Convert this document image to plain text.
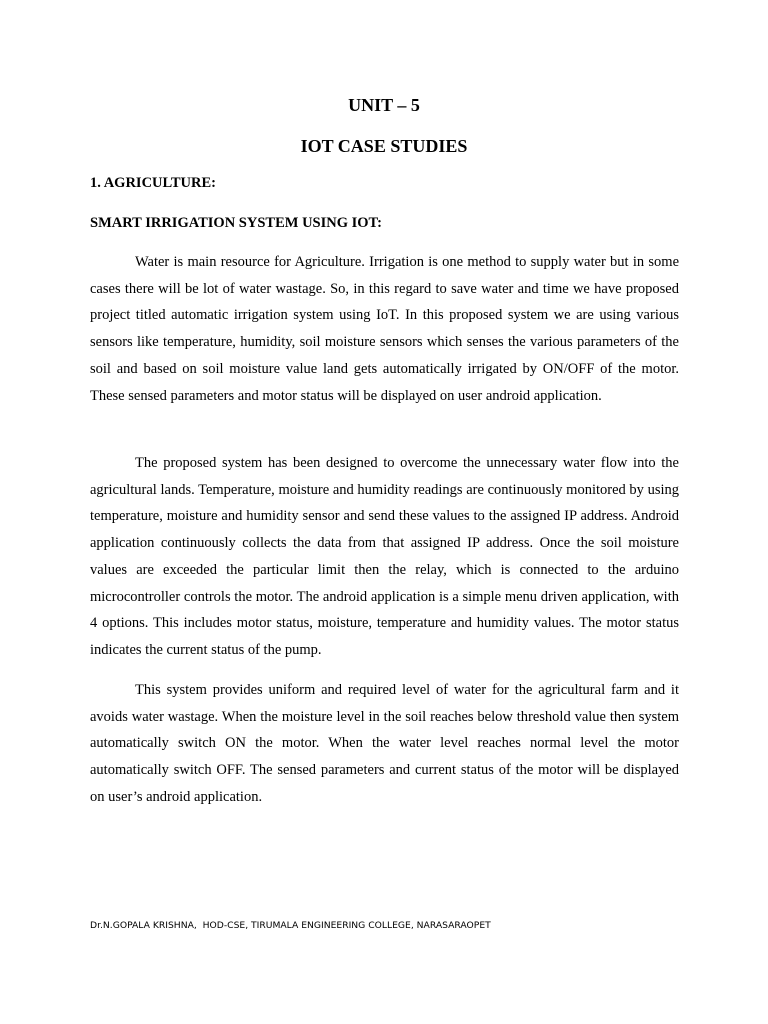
UNIT – 5
IOT CASE STUDIES
1. AGRICULTURE:
SMART IRRIGATION SYSTEM USING IOT:

Water is main resource for Agriculture. Irrigation is one method to supply water but in some cases there will be lot of water wastage. So, in this regard to save water and time we have proposed project titled automatic irrigation system using IoT. In this proposed system we are using various sensors like temperature, humidity, soil moisture sensors which senses the various parameters of the soil and based on soil moisture value land gets automatically irrigated by ON/OFF of the motor. These sensed parameters and motor status will be displayed on user android application.

The proposed system has been designed to overcome the unnecessary water flow into the agricultural lands. Temperature, moisture and humidity readings are continuously monitored by using temperature, moisture and humidity sensor and send these values to the assigned IP address. Android application continuously collects the data from that assigned IP address. Once the soil moisture values are exceeded the particular limit then the relay, which is connected to the arduino microcontroller controls the motor. The android application is a simple menu driven application, with 4 options. This includes motor status, moisture, temperature and humidity values. The motor status indicates the current status of the pump.

This system provides uniform and required level of water for the agricultural farm and it avoids water wastage. When the moisture level in the soil reaches below threshold value then system automatically switch ON the motor. When the water level reaches normal level the motor automatically switch OFF. The sensed parameters and current status of the motor will be displayed on user’s android application.

Dr.N.GOPALA KRISHNA,  HOD-CSE, TIRUMALA ENGINEERING COLLEGE, NARASARAOPET
